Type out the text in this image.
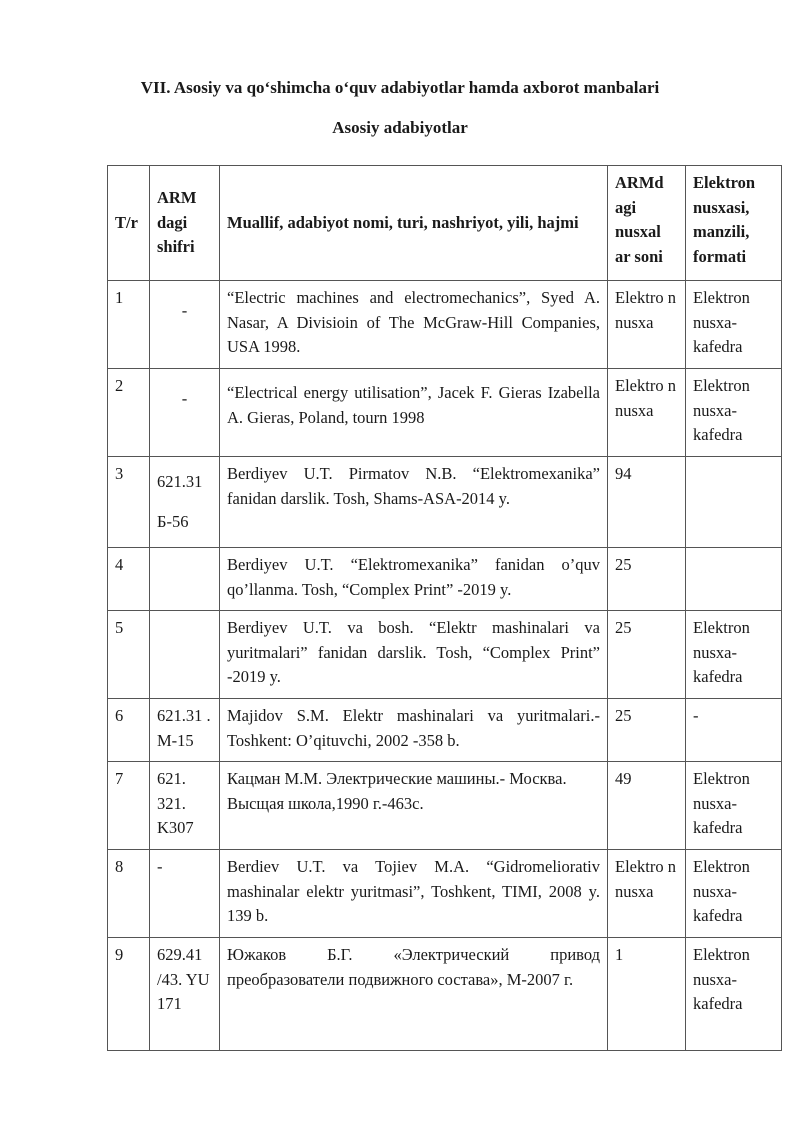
VII. Asosiy va qo‘shimcha o‘quv adabiyotlar hamda axborot manbalari
Asosiy adabiyotlar
T/r	ARM dagi shifri	Muallif, adabiyot nomi, turi, nashriyot, yili, hajmi	ARMd agi nusxal ar soni	Elektron nusxasi, manzili, formati
1	-	“Electric machines and electromechanics”, Syed A. Nasar, A Divisioin of The McGraw-Hill Companies, USA 1998.	Elektro n nusxa	Elektron nusxa-kafedra
2	-	“Electrical energy utilisation”, Jacek F. Gieras Izabella A. Gieras, Poland, tourn 1998	Elektro n nusxa	Elektron nusxa-kafedra
3	621.31 Б-56	Berdiyev U.T. Pirmatov N.B. “Elektromexanika” fanidan darslik. Tosh, Shams-ASA-2014 y.	94	
4		Berdiyev U.T. “Elektromexanika” fanidan o’quv qo’llanma. Tosh, “Complex Print” -2019 y.	25	
5		Berdiyev U.T. va bosh. “Elektr mashinalari va yuritmalari” fanidan darslik. Tosh, “Complex Print” -2019 y.	25	Elektron nusxa-kafedra
6	621.31 . M-15	Majidov S.M. Elektr mashinalari va yuritmalari.- Toshkent: O’qituvchi, 2002 -358 b.	25	-
7	621. 321. K307	Кацман М.М. Электрические машины.- Москва. Высщая школа,1990 г.-463с.	49	Elektron nusxa-kafedra
8	-	Berdiev U.T. va Tojiev M.A. “Gidromeliorativ mashinalar elektr yuritmasi”, Toshkent, TIMI, 2008 y. 139 b.	Elektro n nusxa	Elektron nusxa-kafedra
9	629.41 /43. YU 171	Южаков Б.Г. «Электрический привод преобразователи подвижного состава», М-2007 г.	1	Elektron nusxa-kafedra
